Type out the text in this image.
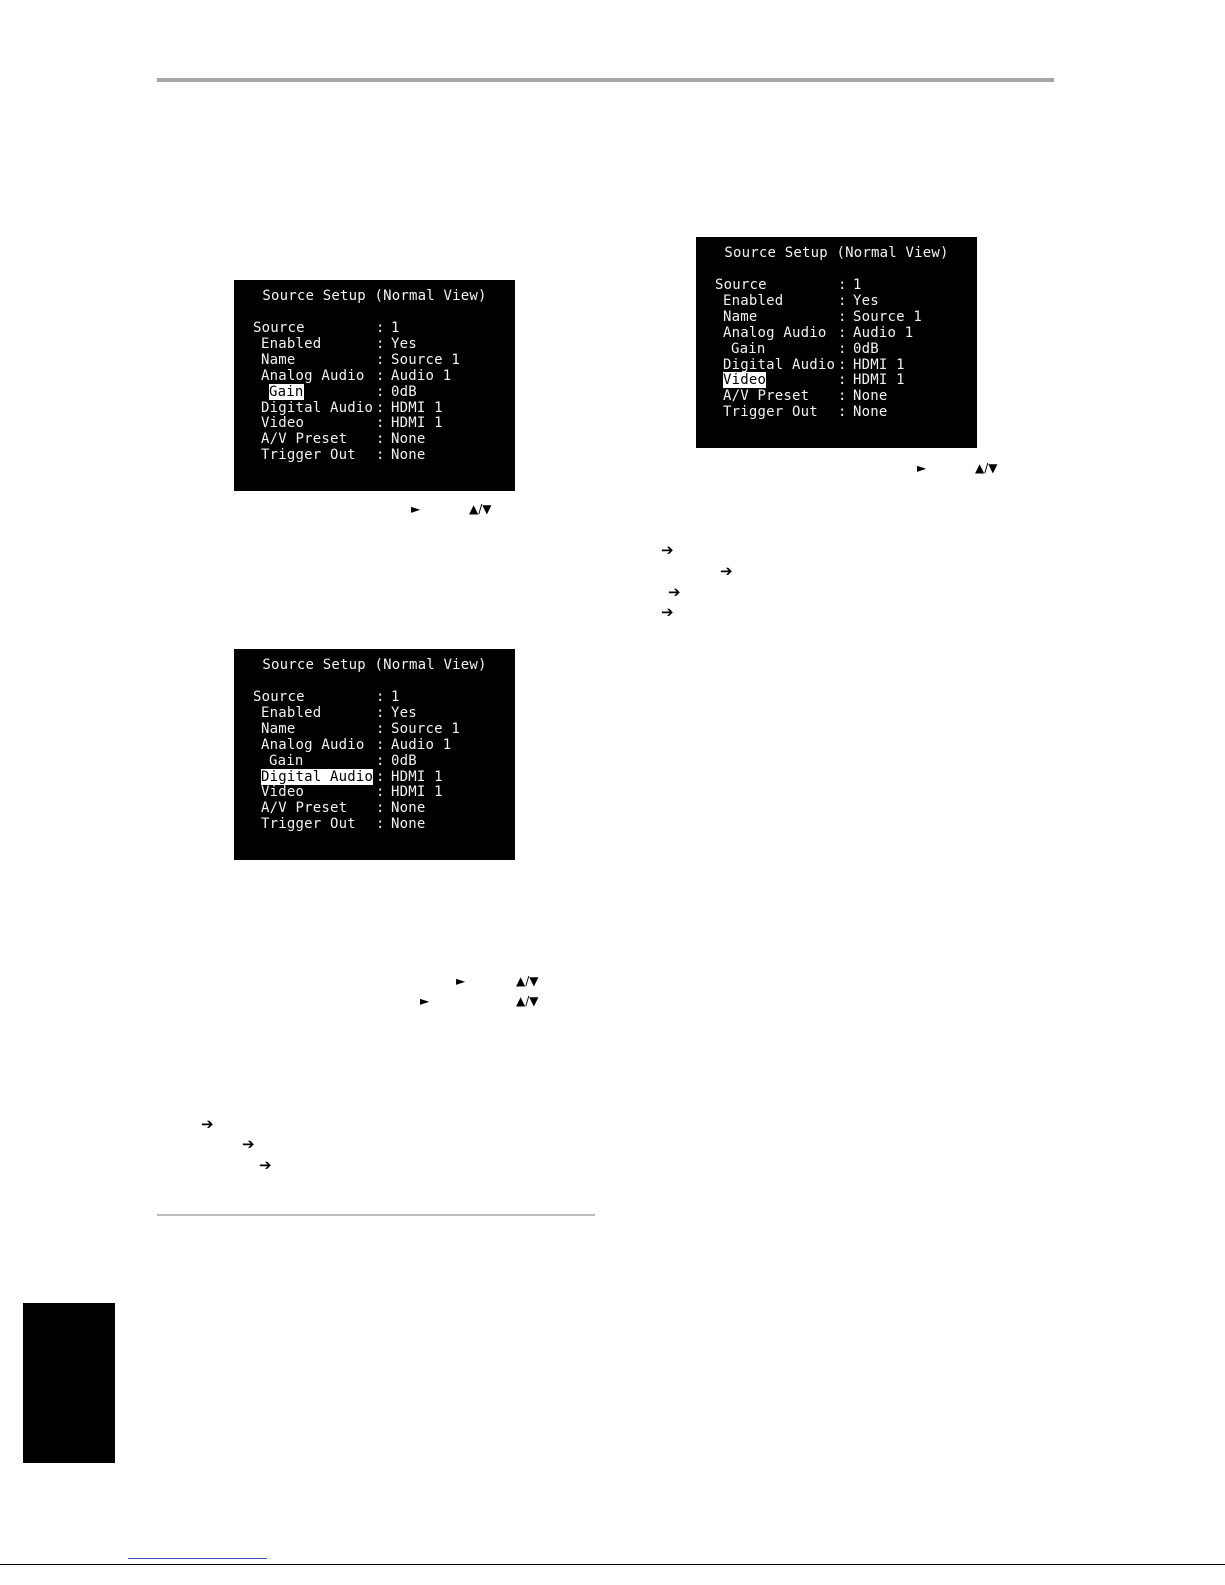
Source Setup (Normal View)
Source	: 1
Enabled	: Yes
Name	: Source 1
Analog Audio : Audio 1
Gain	: 0dB
Digital Audio : HDMI 1
Video	: HDMI 1
A/V Preset : None
Trigger Out : None
Source Setup (Normal View)
Source	: 1
Enabled	: Yes
Name	: Source 1
Analog Audio : Audio 1
Gain	: 0dB
Digital Audio : HDMI 1
Video	: HDMI 1
A/V Preset : None
Trigger Out : None
Source Setup (Normal View)
Source	: 1
Enabled	: Yes
Name	: Source 1
Analog Audio : Audio 1
Gain	: 0dB
Digital Audio : HDMI 1
Video	: HDMI 1
A/V Preset : None
Trigger Out : None
►	▲/▼
►	▲/▼
►	▲/▼
➔
➔
➔
►	▲/▼
➔
➔
➔
➔
